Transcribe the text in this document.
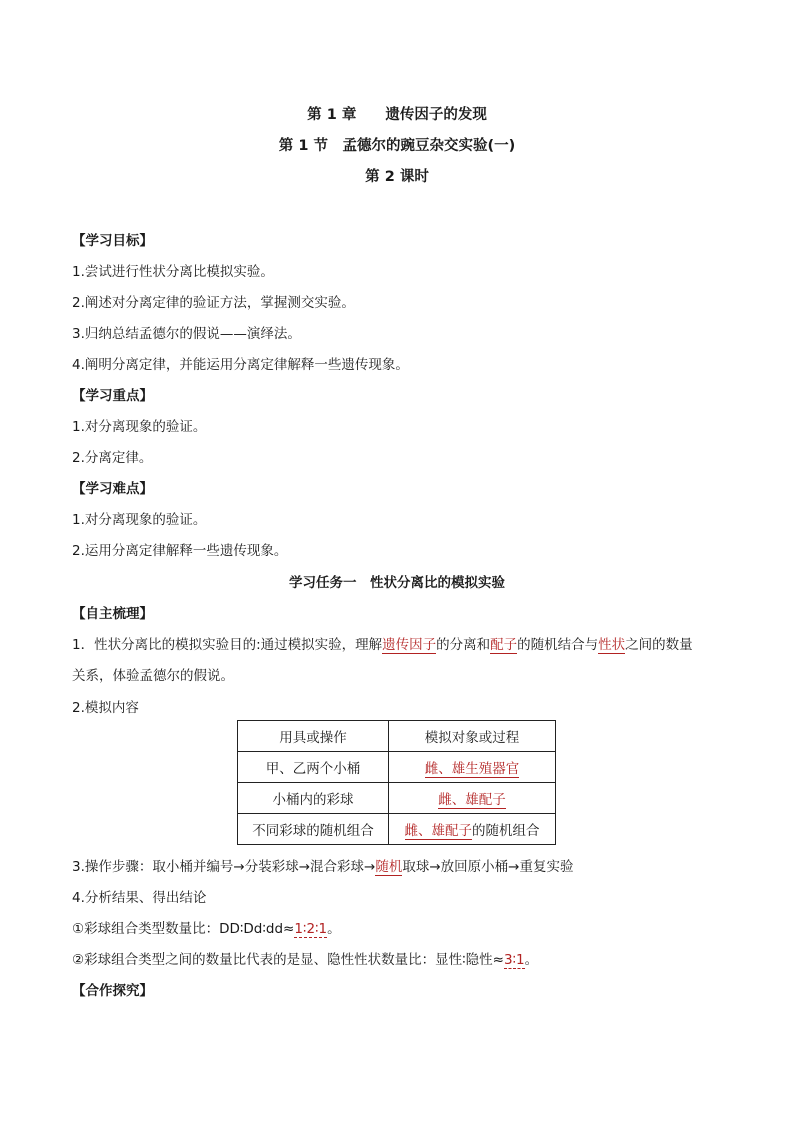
第 1 章　　遗传因子的发现
第 1 节　孟德尔的豌豆杂交实验(一)
第 2 课时
【学习目标】
1.尝试进行性状分离比模拟实验。
2.阐述对分离定律的验证方法，掌握测交实验。
3.归纳总结孟德尔的假说——演绎法。
4.阐明分离定律，并能运用分离定律解释一些遗传现象。
【学习重点】
1.对分离现象的验证。
2.分离定律。
【学习难点】
1.对分离现象的验证。
2.运用分离定律解释一些遗传现象。
学习任务一　性状分离比的模拟实验
【自主梳理】
1．性状分离比的模拟实验目的:通过模拟实验，理解遗传因子的分离和配子的随机结合与性状之间的数量
关系，体验孟德尔的假说。
2.模拟内容
用具或操作	模拟对象或过程
甲、乙两个小桶	雌、雄生殖器官
小桶内的彩球	雌、雄配子
不同彩球的随机组合	雌、雄配子的随机组合
3.操作步骤：取小桶并编号→分装彩球→混合彩球→随机取球→放回原小桶→重复实验
4.分析结果、得出结论
①彩球组合类型数量比：DD∶Dd∶dd≈1∶2∶1。
②彩球组合类型之间的数量比代表的是显、隐性性状数量比：显性∶隐性≈3∶1。
【合作探究】
